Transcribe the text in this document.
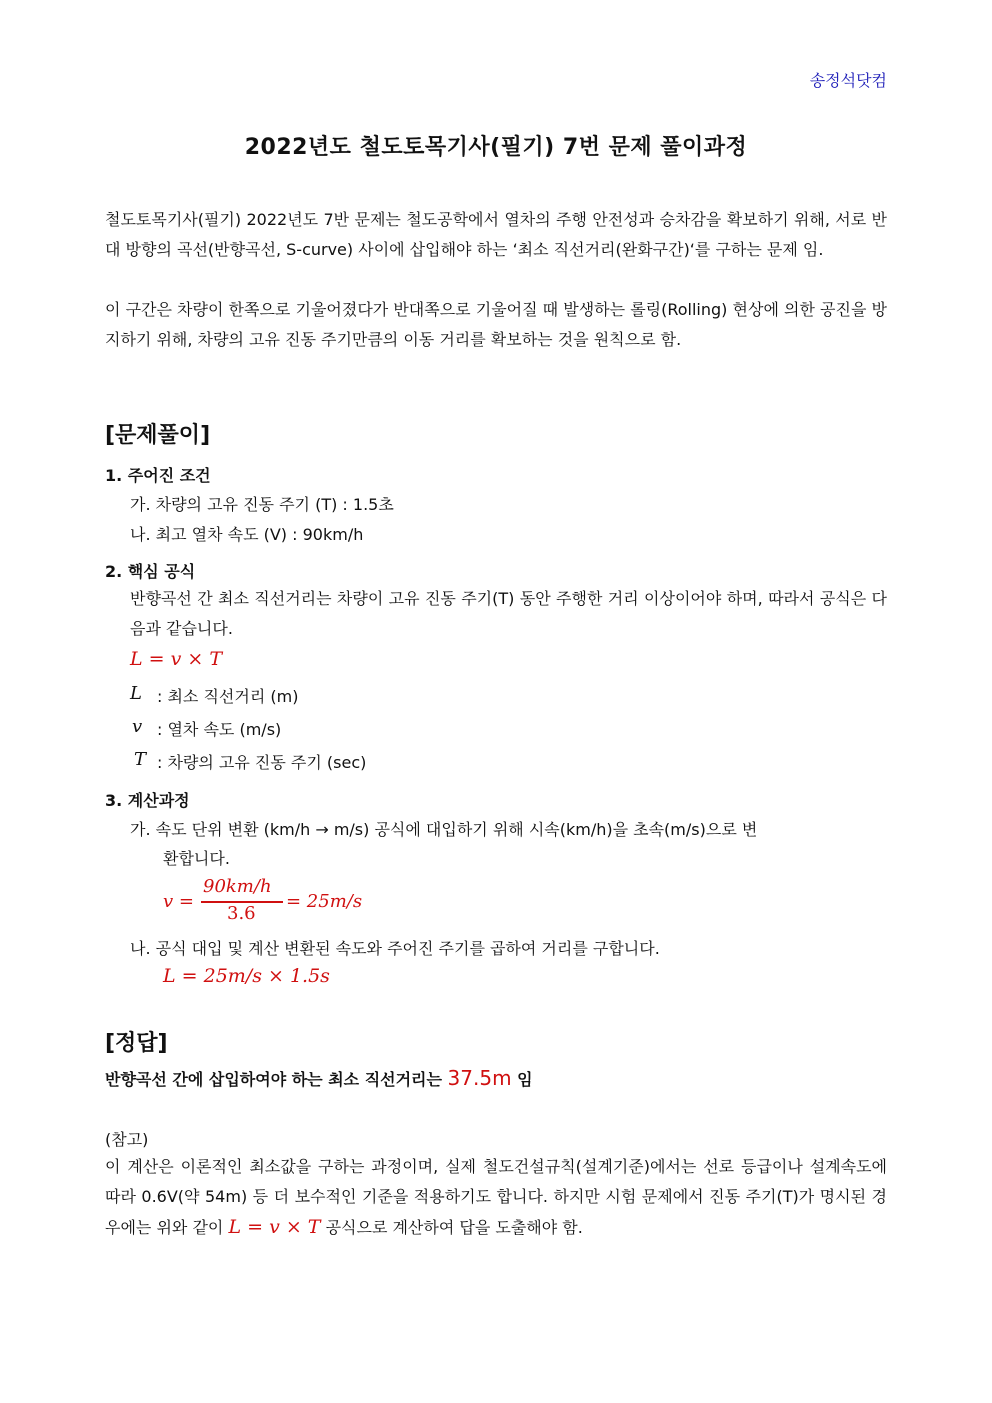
송정석닷컴
2022년도 철도토목기사(필기) 7번 문제 풀이과정
철도토목기사(필기) 2022년도 7반 문제는 철도공학에서 열차의 주행 안전성과 승차감을 확보하기 위해, 서로 반대 방향의 곡선(반향곡선, S-curve) 사이에 삽입해야 하는 ‘최소 직선거리(완화구간)‘를 구하는 문제 임.
이 구간은 차량이 한쪽으로 기울어졌다가 반대쪽으로 기울어질 때 발생하는 롤링(Rolling) 현상에 의한 공진을 방지하기 위해, 차량의 고유 진동 주기만큼의 이동 거리를 확보하는 것을 원칙으로 함.
[문제풀이]
1. 주어진 조건
가. 차량의 고유 진동 주기 (T) : 1.5초
나. 최고 열차 속도 (V) : 90km/h
2. 핵심 공식
반향곡선 간 최소 직선거리는 차량이 고유 진동 주기(T) 동안 주행한 거리 이상이어야 하며, 따라서 공식은 다음과 같습니다.
L = v × T
L : 최소 직선거리 (m)
v : 열차 속도 (m/s)
T : 차량의 고유 진동 주기 (sec)
3. 계산과정
가. 속도 단위 변환 (km/h → m/s) 공식에 대입하기 위해 시속(km/h)을 초속(m/s)으로 변
환합니다.
v =
90km/h
3.6
= 25m/s
나. 공식 대입 및 계산 변환된 속도와 주어진 주기를 곱하여 거리를 구합니다.
L = 25m/s × 1.5s
[정답]
반향곡선 간에 삽입하여야 하는 최소 직선거리는 37.5m 임
(참고)
이 계산은 이론적인 최소값을 구하는 과정이며, 실제 철도건설규칙(설계기준)에서는 선로 등급이나 설계속도에 따라 0.6V(약 54m) 등 더 보수적인 기준을 적용하기도 합니다. 하지만 시험 문제에서 진동 주기(T)가 명시된 경우에는 위와 같이 L = v × T 공식으로 계산하여 답을 도출해야 함.
